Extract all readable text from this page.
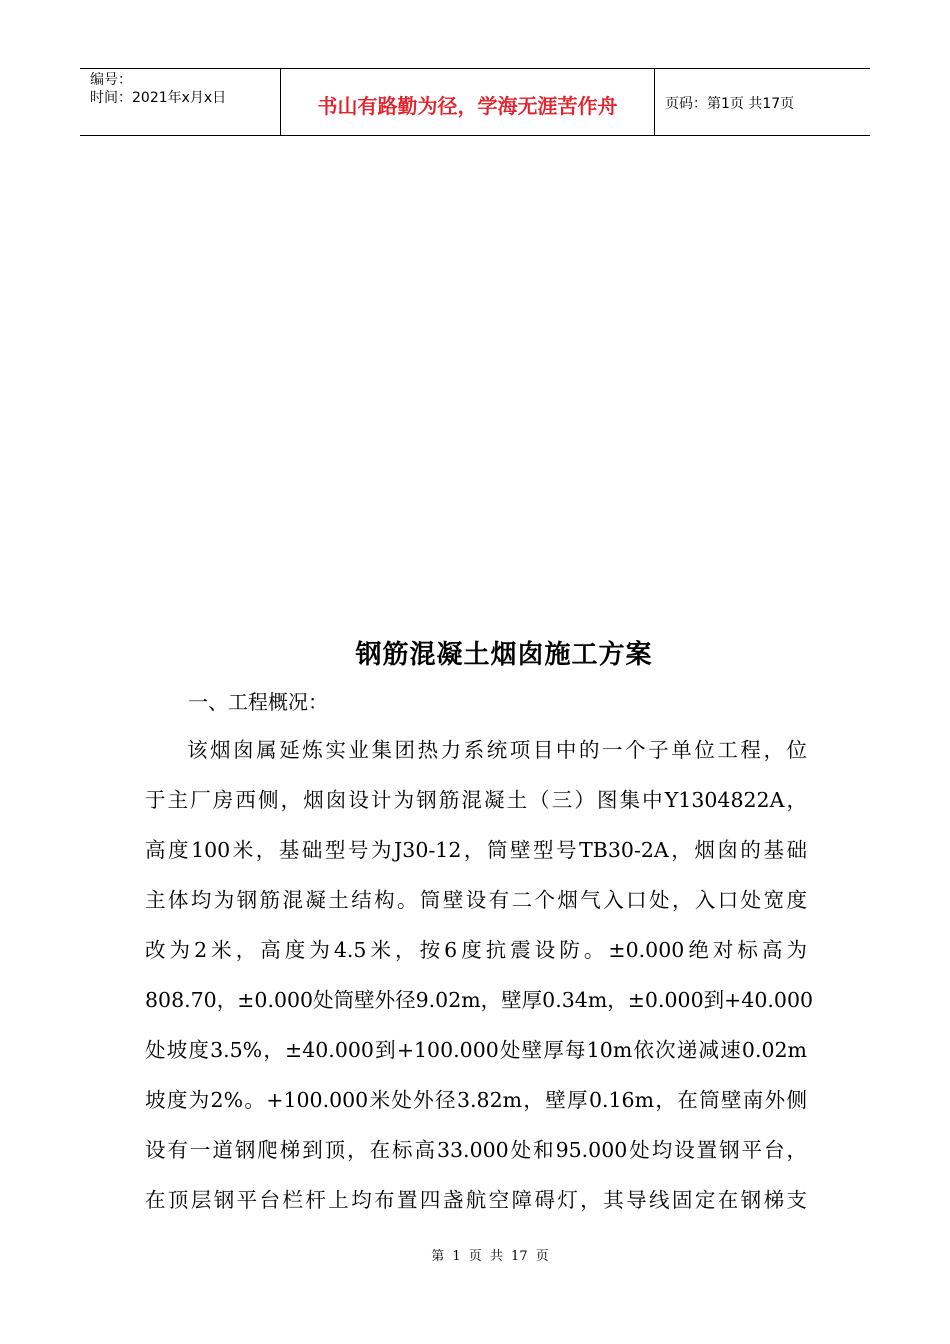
编号：
时间：2021年x月x日	书山有路勤为径，学海无涯苦作舟	页码：第1页 共17页
钢筋混凝土烟囱施工方案
一、工程概况：
该烟囱属延炼实业集团热力系统项目中的一个子单位工程，位
于主厂房西侧，烟囱设计为钢筋混凝土（三）图集中Y1304822A，
高度100米，基础型号为J30-12，筒壁型号TB30-2A，烟囱的基础
主体均为钢筋混凝土结构。筒壁设有二个烟气入口处，入口处宽度
改为2米，高度为4.5米，按6度抗震设防。±0.000绝对标高为
808.70，±0.000处筒壁外径9.02m，壁厚0.34m，±0.000到+40.000
处坡度3.5%，±40.000到+100.000处壁厚每10m依次递减速0.02m
坡度为2%。+100.000米处外径3.82m，壁厚0.16m，在筒壁南外侧
设有一道钢爬梯到顶，在标高33.000处和95.000处均设置钢平台，
在顶层钢平台栏杆上均布置四盏航空障碍灯，其导线固定在钢梯支
第 1 页 共 17 页
